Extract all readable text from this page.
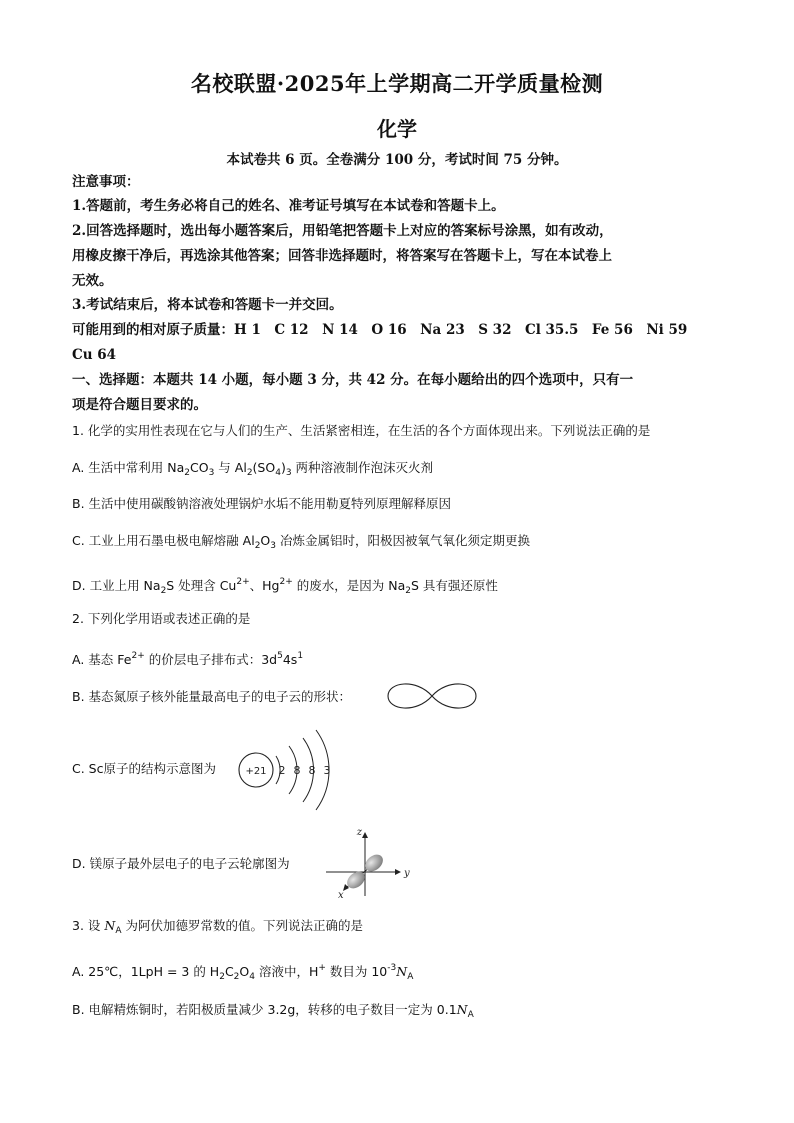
名校联盟·2025年上学期高二开学质量检测
化学
本试卷共 6 页。全卷满分 100 分，考试时间 75 分钟。
注意事项：
1.答题前，考生务必将自己的姓名、准考证号填写在本试卷和答题卡上。
2.回答选择题时，选出每小题答案后，用铅笔把答题卡上对应的答案标号涂黑，如有改动，
用橡皮擦干净后，再选涂其他答案；回答非选择题时，将答案写在答题卡上，写在本试卷上
无效。
3.考试结束后，将本试卷和答题卡一并交回。
可能用到的相对原子质量：H 1　C 12　N 14　O 16　Na 23　S 32　Cl 35.5　Fe 56　Ni 59
Cu 64
一、选择题：本题共 14 小题，每小题 3 分，共 42 分。在每小题给出的四个选项中，只有一
项是符合题目要求的。
1. 化学的实用性表现在它与人们的生产、生活紧密相连，在生活的各个方面体现出来。下列说法正确的是
A. 生活中常利用 $Na_2CO_3$ 与 $Al_2(SO_4)_3$ 两种溶液制作泡沫灭火剂
B. 生活中使用碳酸钠溶液处理锅炉水垢不能用勒夏特列原理解释原因
C. 工业上用石墨电极电解熔融 $Al_2O_3$ 冶炼金属铝时，阳极因被氧气氧化须定期更换
D. 工业上用 $Na_2S$ 处理含 $Cu^{2+}$、$Hg^{2+}$ 的废水，是因为 $Na_2S$ 具有强还原性
2. 下列化学用语或表述正确的是
A. 基态 $Fe^{2+}$ 的价层电子排布式：$3d^54s^1$
B. 基态氮原子核外能量最高电子的电子云的形状：
C. Sc原子的结构示意图为	+21 2 8 8 3
D. 镁原子最外层电子的电子云轮廓图为
z
y
x
3. 设 $N_A$ 为阿伏加德罗常数的值。下列说法正确的是
A. 25℃，1LpH = 3 的 $H_2C_2O_4$ 溶液中，H+ 数目为 $10^{-3}N_A$
B. 电解精炼铜时，若阳极质量减少 3.2g，转移的电子数目一定为 $0.1N_A$
